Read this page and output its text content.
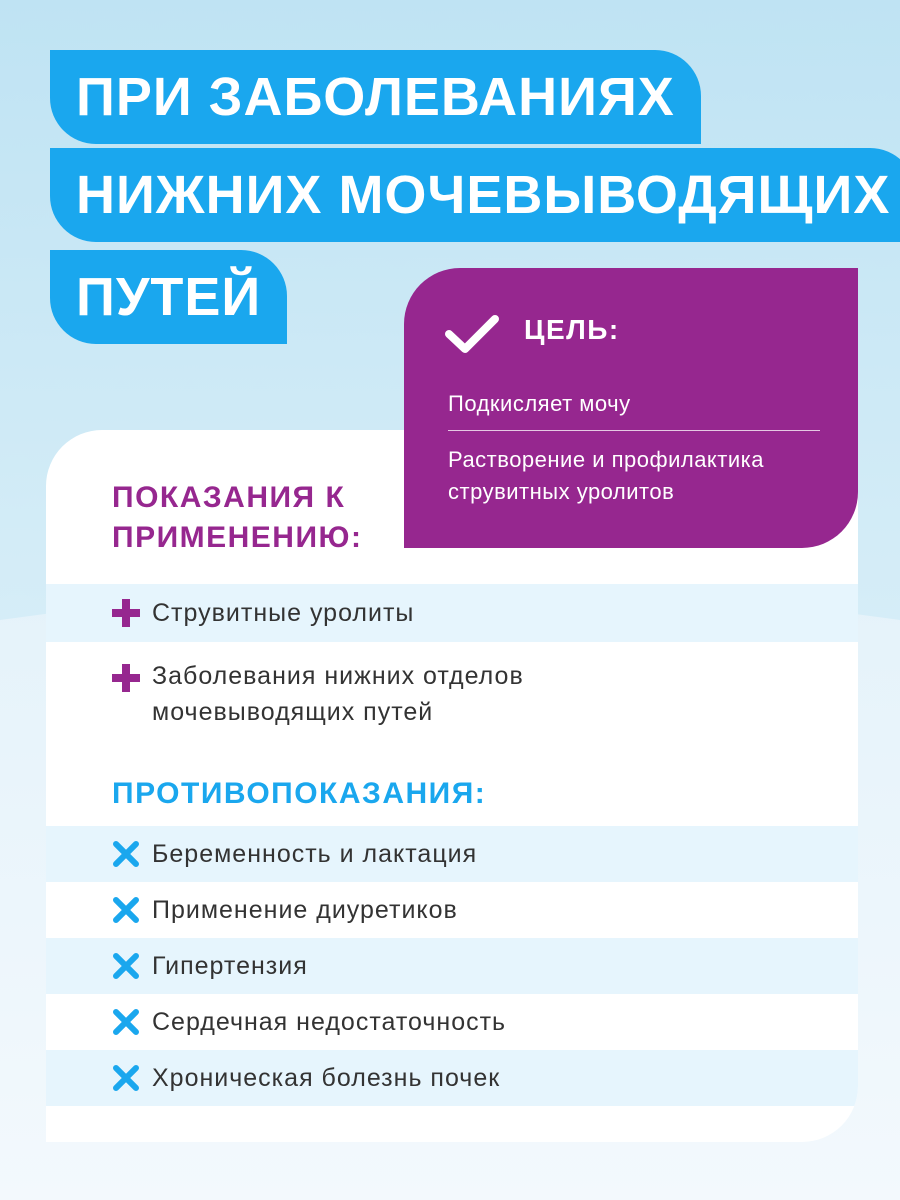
ПРИ ЗАБОЛЕВАНИЯХ
НИЖНИХ МОЧЕВЫВОДЯЩИХ
ПУТЕЙ
ПОКАЗАНИЯ К ПРИМЕНЕНИЮ:
Струвитные уролиты
Заболевания нижних отделов мочевыводящих путей
ПРОТИВОПОКАЗАНИЯ:
Беременность и лактация
Применение диуретиков
Гипертензия
Сердечная недостаточность
Хроническая болезнь почек
ЦЕЛЬ:
Подкисляет мочу
Растворение и профилактика струвитных уролитов
